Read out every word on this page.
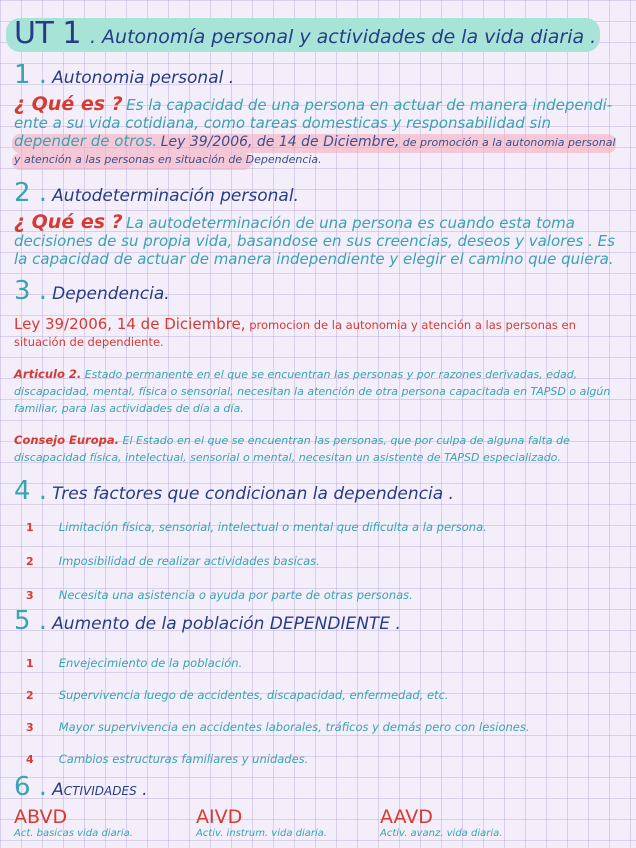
UT 1 . Autonomía personal y actividades de la vida diaria .
1 . Autonomia personal .

¿ Qué es ? Es la capacidad de una persona en actuar de manera independi- ente a su vida cotidiana, como tareas domesticas y responsabilidad sin depender de otros. Ley 39/2006, de 14 de Diciembre, de promoción a la autonomia personal y atención a las personas en situación de Dependencia.

2 . Autodeterminación personal.

¿ Qué es ? La autodeterminación de una persona es cuando esta toma decisiones de su propia vida, basandose en sus creencias, deseos y valores . Es la capacidad de actuar de manera independiente y elegir el camino que quiera.

3 . Dependencia.
Ley 39/2006, 14 de Diciembre, promocion de la autonomia y atención a las personas en situación de dependiente.
Articulo 2. Estado permanente en el que se encuentran las personas y por razones derivadas, edad, discapacidad, mental, física o sensorial, necesitan la atención de otra persona capacitada en TAPSD o algún familiar, para las actividades de día a día.
Consejo Europa. El Estado en el que se encuentran las personas, que por culpa de alguna falta de discapacidad física, intelectual, sensorial o mental, necesitan un asistente de TAPSD especializado.
4 . Tres factores que condicionan la dependencia .
1 Limitación física, sensorial, intelectual o mental que dificulta a la persona.
2 Imposibilidad de realizar actividades basicas.
3 Necesita una asistencia o ayuda por parte de otras personas.
5 . Aumento de la población DEPENDIENTE .
1 Envejecimiento de la población.
2 Supervivencia luego de accidentes, discapacidad, enfermedad, etc.
3 Mayor supervivencia en accidentes laborales, tráficos y demás pero con lesiones.
4 Cambios estructuras familiares y unidades.
6 . Actividades .
ABVD
Act. basicas vida diaria.
AIVD
Activ. instrum. vida diaria.
AAVD
Activ. avanz. vida diaria.
